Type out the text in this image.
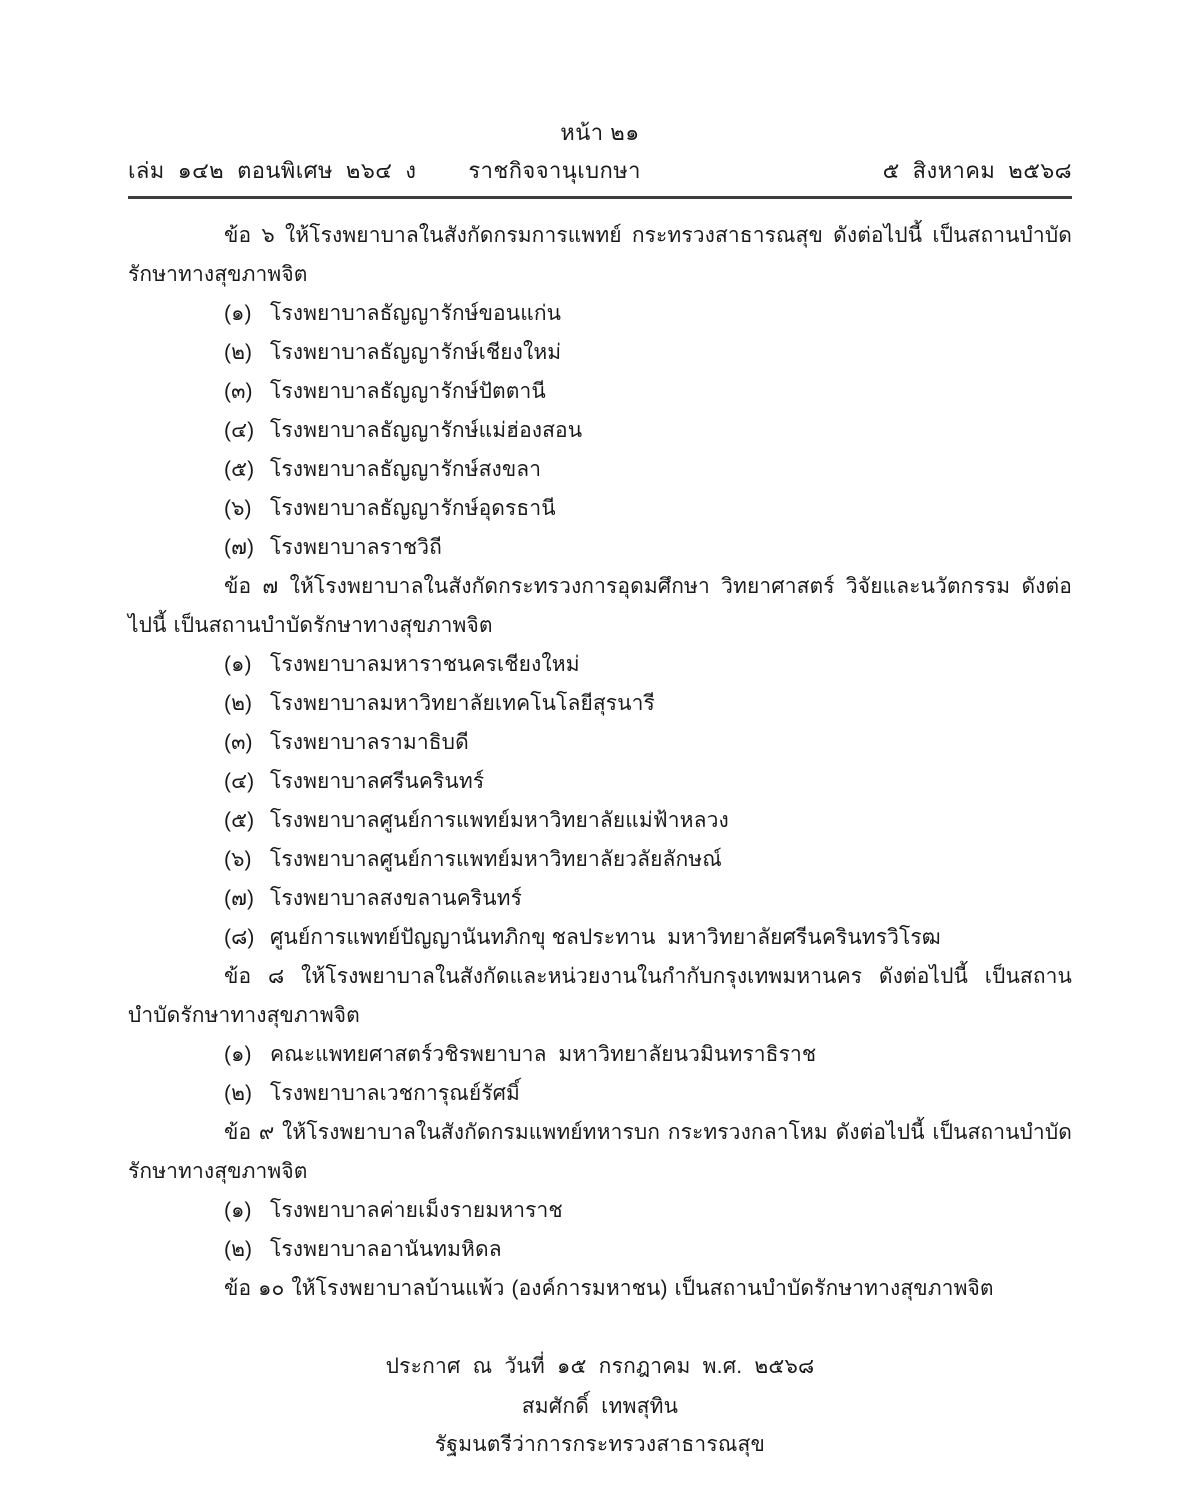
หน้า ๒๑
เล่ม  ๑๔๒  ตอนพิเศษ  ๒๖๔  ง ราชกิจจานุเบกษา	๕  สิงหาคม  ๒๕๖๘

ข้อ ๖ ให้โรงพยาบาลในสังกัดกรมการแพทย์ กระทรวงสาธารณสุข ดังต่อไปนี้ เป็นสถานบำบัดรักษาทางสุขภาพจิต

(๑) โรงพยาบาลธัญญารักษ์ขอนแก่น
(๒) โรงพยาบาลธัญญารักษ์เชียงใหม่
(๓) โรงพยาบาลธัญญารักษ์ปัตตานี
(๔) โรงพยาบาลธัญญารักษ์แม่ฮ่องสอน
(๕) โรงพยาบาลธัญญารักษ์สงขลา
(๖) โรงพยาบาลธัญญารักษ์อุดรธานี
(๗) โรงพยาบาลราชวิถี

ข้อ ๗ ให้โรงพยาบาลในสังกัดกระทรวงการอุดมศึกษา วิทยาศาสตร์ วิจัยและนวัตกรรม ดังต่อไปนี้ เป็นสถานบำบัดรักษาทางสุขภาพจิต

(๑) โรงพยาบาลมหาราชนครเชียงใหม่
(๒) โรงพยาบาลมหาวิทยาลัยเทคโนโลยีสุรนารี
(๓) โรงพยาบาลรามาธิบดี
(๔) โรงพยาบาลศรีนครินทร์
(๕) โรงพยาบาลศูนย์การแพทย์มหาวิทยาลัยแม่ฟ้าหลวง
(๖) โรงพยาบาลศูนย์การแพทย์มหาวิทยาลัยวลัยลักษณ์
(๗) โรงพยาบาลสงขลานครินทร์
(๘) ศูนย์การแพทย์ปัญญานันทภิกขุ ชลประทาน  มหาวิทยาลัยศรีนครินทรวิโรฒ

ข้อ ๘ ให้โรงพยาบาลในสังกัดและหน่วยงานในกำกับกรุงเทพมหานคร ดังต่อไปนี้ เป็นสถานบำบัดรักษาทางสุขภาพจิต

(๑) คณะแพทยศาสตร์วชิรพยาบาล  มหาวิทยาลัยนวมินทราธิราช
(๒) โรงพยาบาลเวชการุณย์รัศมิ์

ข้อ ๙ ให้โรงพยาบาลในสังกัดกรมแพทย์ทหารบก กระทรวงกลาโหม ดังต่อไปนี้ เป็นสถานบำบัดรักษาทางสุขภาพจิต

(๑) โรงพยาบาลค่ายเม็งรายมหาราช
(๒) โรงพยาบาลอานันทมหิดล

ข้อ ๑๐ ให้โรงพยาบาลบ้านแพ้ว (องค์การมหาชน) เป็นสถานบำบัดรักษาทางสุขภาพจิต

ประกาศ  ณ  วันที่  ๑๕  กรกฎาคม  พ.ศ.  ๒๕๖๘
สมศักดิ์  เทพสุทิน
รัฐมนตรีว่าการกระทรวงสาธารณสุข
